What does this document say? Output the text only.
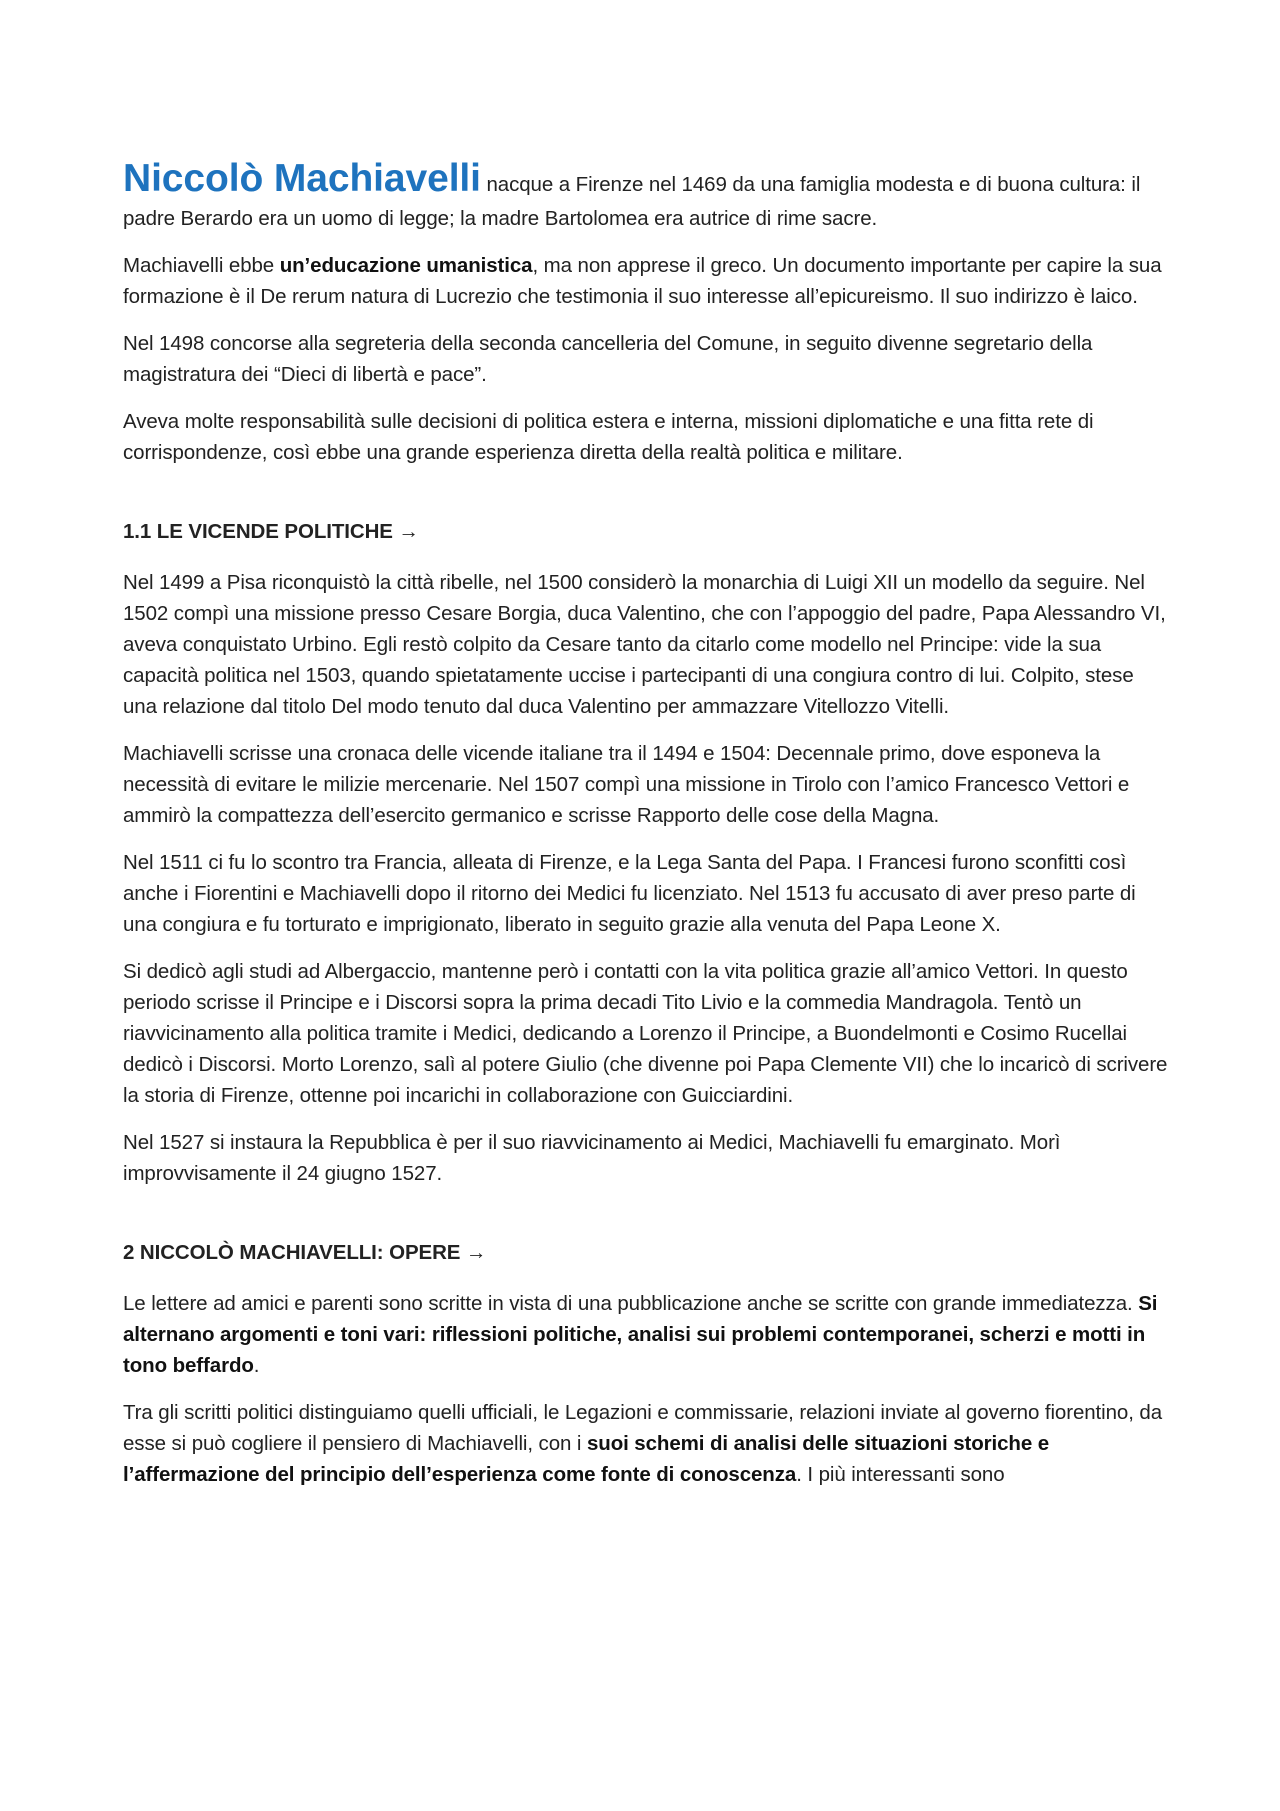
Niccolò Machiavelli nacque a Firenze nel 1469 da una famiglia modesta e di buona cultura: il padre Berardo era un uomo di legge; la madre Bartolomea era autrice di rime sacre.

Machiavelli ebbe un’educazione umanistica, ma non apprese il greco. Un documento importante per capire la sua formazione è il De rerum natura di Lucrezio che testimonia il suo interesse all’epicureismo. Il suo indirizzo è laico.

Nel 1498 concorse alla segreteria della seconda cancelleria del Comune, in seguito divenne segretario della magistratura dei “Dieci di libertà e pace”.

Aveva molte responsabilità sulle decisioni di politica estera e interna, missioni diplomatiche e una fitta rete di corrispondenze, così ebbe una grande esperienza diretta della realtà politica e militare.

1.1 LE VICENDE POLITICHE →

Nel 1499 a Pisa riconquistò la città ribelle, nel 1500 considerò la monarchia di Luigi XII un modello da seguire. Nel 1502 compì una missione presso Cesare Borgia, duca Valentino, che con l’appoggio del padre, Papa Alessandro VI, aveva conquistato Urbino. Egli restò colpito da Cesare tanto da citarlo come modello nel Principe: vide la sua capacità politica nel 1503, quando spietatamente uccise i partecipanti di una congiura contro di lui. Colpito, stese una relazione dal titolo Del modo tenuto dal duca Valentino per ammazzare Vitellozzo Vitelli.

Machiavelli scrisse una cronaca delle vicende italiane tra il 1494 e 1504: Decennale primo, dove esponeva la necessità di evitare le milizie mercenarie. Nel 1507 compì una missione in Tirolo con l’amico Francesco Vettori e ammirò la compattezza dell’esercito germanico e scrisse Rapporto delle cose della Magna.

Nel 1511 ci fu lo scontro tra Francia, alleata di Firenze, e la Lega Santa del Papa. I Francesi furono sconfitti così anche i Fiorentini e Machiavelli dopo il ritorno dei Medici fu licenziato. Nel 1513 fu accusato di aver preso parte di una congiura e fu torturato e imprigionato, liberato in seguito grazie alla venuta del Papa Leone X.

Si dedicò agli studi ad Albergaccio, mantenne però i contatti con la vita politica grazie all’amico Vettori. In questo periodo scrisse il Principe e i Discorsi sopra la prima decadi Tito Livio e la commedia Mandragola. Tentò un riavvicinamento alla politica tramite i Medici, dedicando a Lorenzo il Principe, a Buondelmonti e Cosimo Rucellai dedicò i Discorsi. Morto Lorenzo, salì al potere Giulio (che divenne poi Papa Clemente VII) che lo incaricò di scrivere la storia di Firenze, ottenne poi incarichi in collaborazione con Guicciardini.

Nel 1527 si instaura la Repubblica è per il suo riavvicinamento ai Medici, Machiavelli fu emarginato. Morì improvvisamente il 24 giugno 1527.

2 NICCOLÒ MACHIAVELLI: OPERE →

Le lettere ad amici e parenti sono scritte in vista di una pubblicazione anche se scritte con grande immediatezza. Si alternano argomenti e toni vari: riflessioni politiche, analisi sui problemi contemporanei, scherzi e motti in tono beffardo.

Tra gli scritti politici distinguiamo quelli ufficiali, le Legazioni e commissarie, relazioni inviate al governo fiorentino, da esse si può cogliere il pensiero di Machiavelli, con i suoi schemi di analisi delle situazioni storiche e l’affermazione del principio dell’esperienza come fonte di conoscenza. I più interessanti sono
